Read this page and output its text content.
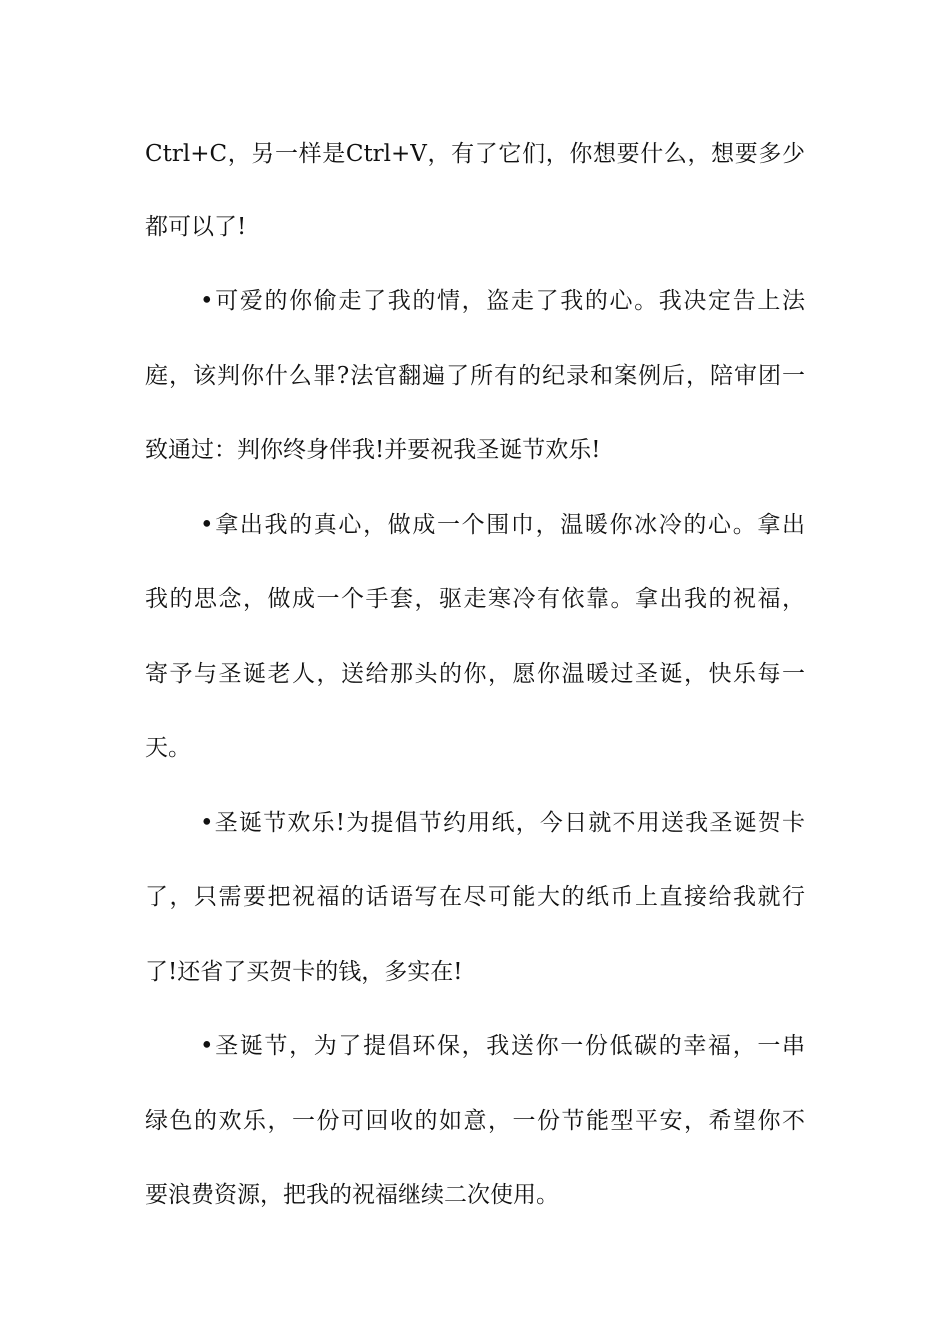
Ctrl+C，另一样是Ctrl+V，有了它们，你想要什么，想要多少
都可以了!
•可爱的你偷走了我的情，盗走了我的心。我决定告上法
庭，该判你什么罪?法官翻遍了所有的纪录和案例后，陪审团一
致通过：判你终身伴我!并要祝我圣诞节欢乐!
•拿出我的真心，做成一个围巾，温暖你冰冷的心。拿出
我的思念，做成一个手套，驱走寒冷有依靠。拿出我的祝福，
寄予与圣诞老人，送给那头的你，愿你温暖过圣诞，快乐每一
天。
•圣诞节欢乐!为提倡节约用纸，今日就不用送我圣诞贺卡
了，只需要把祝福的话语写在尽可能大的纸币上直接给我就行
了!还省了买贺卡的钱，多实在!
•圣诞节，为了提倡环保，我送你一份低碳的幸福，一串
绿色的欢乐，一份可回收的如意，一份节能型平安，希望你不
要浪费资源，把我的祝福继续二次使用。
